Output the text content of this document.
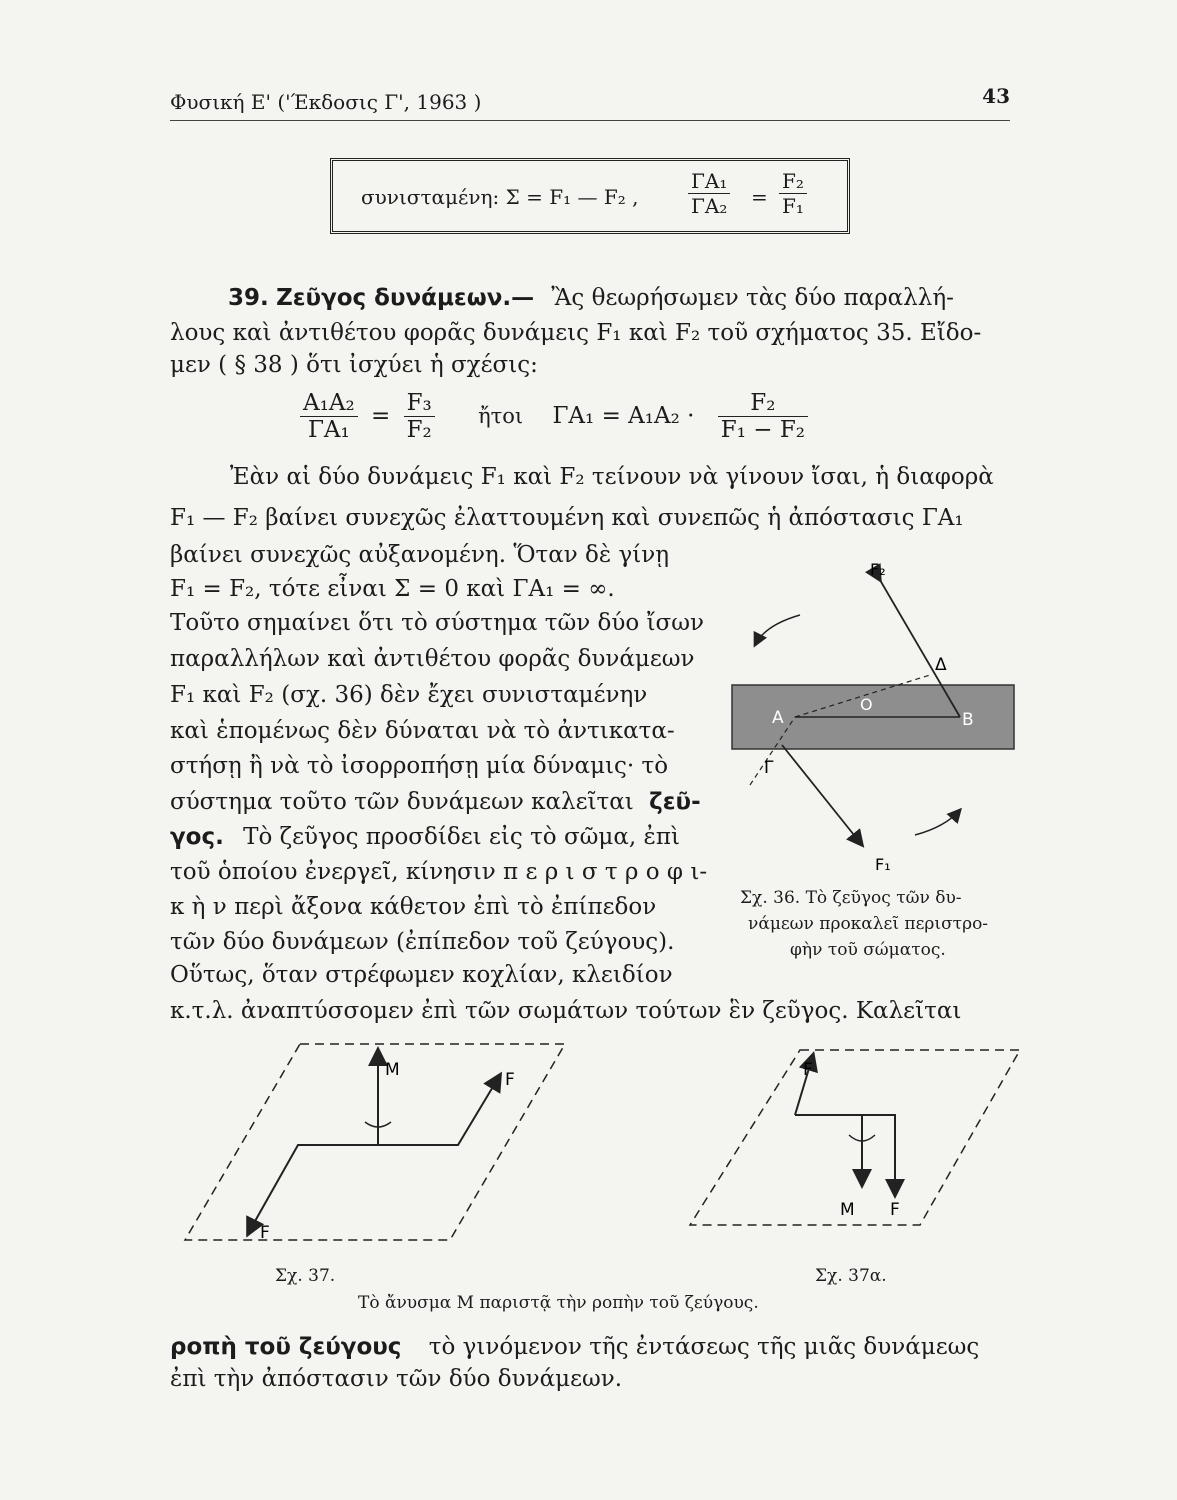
Φυσική Ε' ('Έκδοσις Γ', 1963 )	43
συνισταμένη: Σ = F₁ — F₂ , $\frac{\text{ΓΑ₁}}{\text{ΓΑ₂}} = \frac{\text{F₂}}{\text{F₁}}$
39. Ζεῦγος δυνάμεων.— Ἂς θεωρήσωμεν τὰς δύο παραλλή-
λους καὶ ἀντιθέτου φορᾶς δυνάμεις F₁ καὶ F₂ τοῦ σχήματος 35. Εἴδο-
μεν ( § 38 ) ὅτι ἰσχύει ἡ σχέσις:
$\frac{\text{Α₁Α₂}}{\text{ΓΑ₁}} = \frac{\text{F₃}}{\text{F₂}}$ ἤτοι $\Gamma A_1 = A_1A_2 \cdot \frac{\text{F₂}}{\text{F₁ − F₂}}$
Ἐὰν αἱ δύο δυνάμεις F₁ καὶ F₂ τείνουν νὰ γίνουν ἴσαι, ἡ διαφορὰ
F₁ — F₂ βαίνει συνεχῶς ἐλαττουμένη καὶ συνεπῶς ἡ ἀπόστασις ΓΑ₁
βαίνει συνεχῶς αὐξανομένη. Ὅταν δὲ γίνῃ
F₁ = F₂, τότε εἶναι Σ = 0 καὶ ΓΑ₁ = ∞.
Τοῦτο σημαίνει ὅτι τὸ σύστημα τῶν δύο ἴσων
παραλλήλων καὶ ἀντιθέτου φορᾶς δυνάμεων
F₁ καὶ F₂ (σχ. 36) δὲν ἔχει συνισταμένην
καὶ ἑπομένως δὲν δύναται νὰ τὸ ἀντικατα-
στήσῃ ἢ νὰ τὸ ἰσορροπήσῃ μία δύναμις· τὸ
σύστημα τοῦτο τῶν δυνάμεων καλεῖται ζεῦ-
γος. Τὸ ζεῦγος προσδίδει εἰς τὸ σῶμα, ἐπὶ
τοῦ ὁποίου ἐνεργεῖ, κίνησιν π ε ρ ι σ τ ρ ο φ ι-
κ ὴ ν περὶ ἄξονα κάθετον ἐπὶ τὸ ἐπίπεδον
τῶν δύο δυνάμεων (ἐπίπεδον τοῦ ζεύγους).
Οὕτως, ὅταν στρέφωμεν κοχλίαν, κλειδίον
κ.τ.λ. ἀναπτύσσομεν ἐπὶ τῶν σωμάτων τούτων ἓν ζεῦγος. Καλεῖται
F₂
Δ
Α
Ο
Β
Γ
F₁
Σχ. 36. Τὸ ζεῦγος τῶν δυ-
νάμεων προκαλεῖ περιστρο-
φὴν τοῦ σώματος.
M	F
F
Σχ. 37.
F
M F
Σχ. 37α.
Τὸ ἄνυσμα Μ παριστᾷ τὴν ροπὴν τοῦ ζεύγους.
ροπὴ τοῦ ζεύγους τὸ γινόμενον τῆς ἐντάσεως τῆς μιᾶς δυνάμεως
ἐπὶ τὴν ἀπόστασιν τῶν δύο δυνάμεων.
